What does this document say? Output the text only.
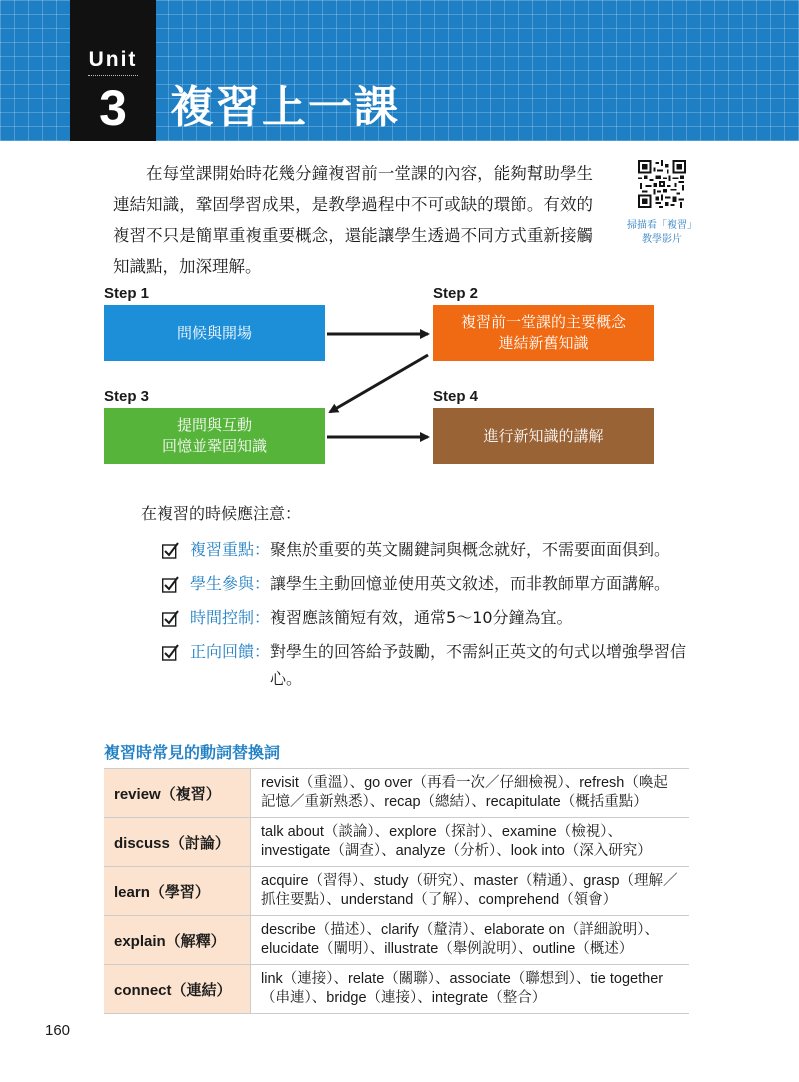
Unit
3 複習上一課
在每堂課開始時花幾分鐘複習前一堂課的內容，能夠幫助學生連結知識，鞏固學習成果，是教學過程中不可或缺的環節。有效的複習不只是簡單重複重要概念，還能讓學生透過不同方式重新接觸知識點，加深理解。
掃描看「複習」
教學影片
Step 1	Step 2
Step 3	Step 4
問候與開場
複習前一堂課的主要概念
連結新舊知識
提問與互動
回憶並鞏固知識
進行新知識的講解
在複習的時候應注意：
複習重點： 聚焦於重要的英文關鍵詞與概念就好，不需要面面俱到。
學生參與： 讓學生主動回憶並使用英文敘述，而非教師單方面講解。
時間控制： 複習應該簡短有效，通常5～10分鐘為宜。
正向回饋： 對學生的回答給予鼓勵，不需糾正英文的句式以增強學習信心。
複習時常見的動詞替換詞
review（複習）	revisit（重溫）、go over（再看一次／仔細檢視）、refresh（喚起記憶／重新熟悉）、recap（總結）、recapitulate（概括重點）
discuss（討論）	talk about（談論）、explore（探討）、examine（檢視）、investigate（調查）、analyze（分析）、look into（深入研究）
learn（學習）	acquire（習得）、study（研究）、master（精通）、grasp（理解／抓住要點）、understand（了解）、comprehend（領會）
explain（解釋）	describe（描述）、clarify（釐清）、elaborate on（詳細說明）、elucidate（闡明）、illustrate（舉例說明）、outline（概述）
connect（連結）	link（連接）、relate（關聯）、associate（聯想到）、tie together（串連）、bridge（連接）、integrate（整合）
160
